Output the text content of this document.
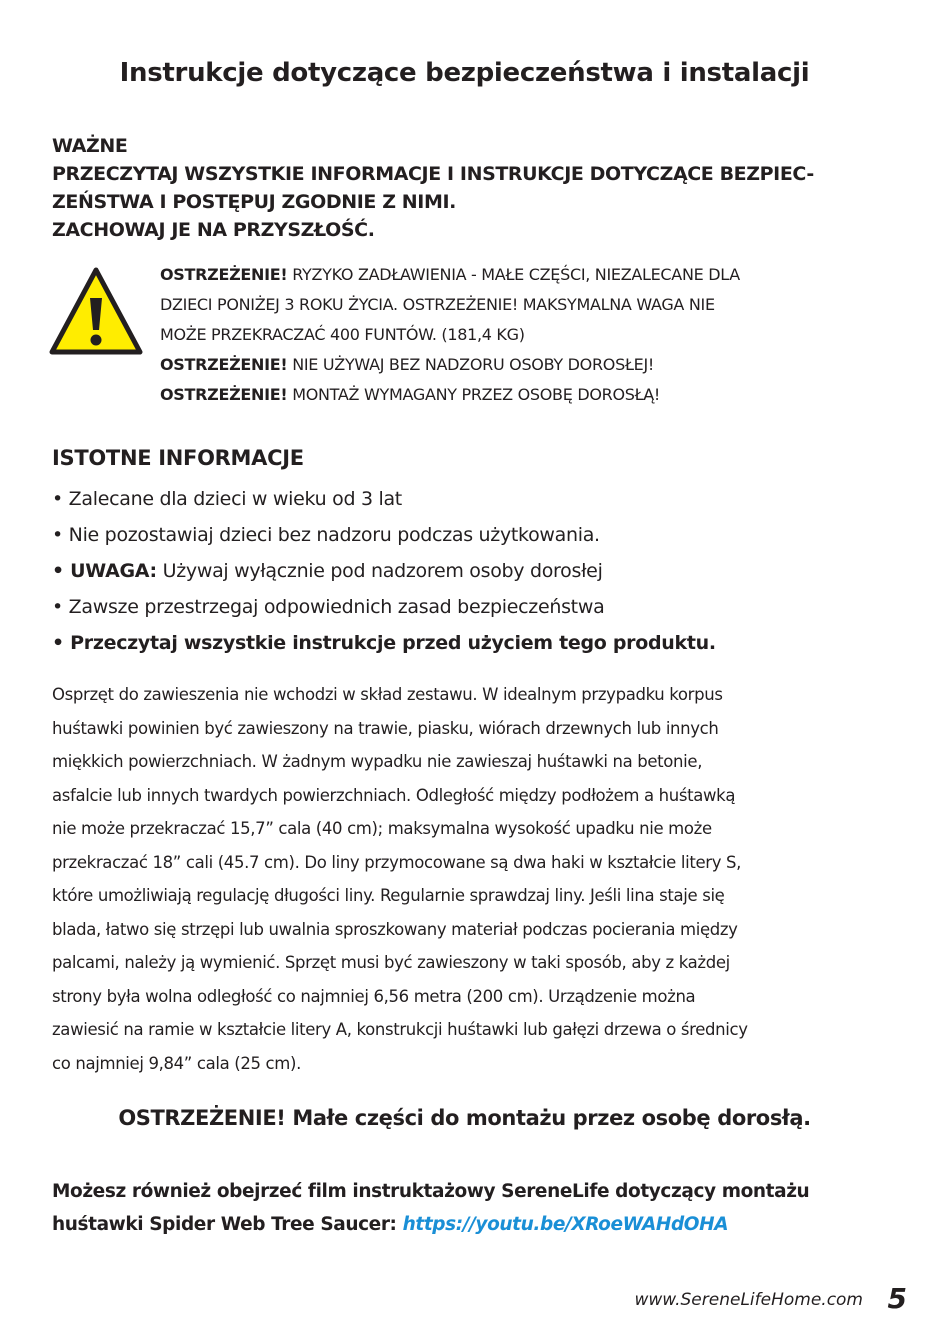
Instrukcje dotyczące bezpieczeństwa i instalacji
WAŻNE
PRZECZYTAJ WSZYSTKIE INFORMACJE I INSTRUKCJE DOTYCZĄCE BEZPIEC-
ZEŃSTWA I POSTĘPUJ ZGODNIE Z NIMI.
ZACHOWAJ JE NA PRZYSZŁOŚĆ.
OSTRZEŻENIE! RYZYKO ZADŁAWIENIA - MAŁE CZĘŚCI, NIEZALECANE DLA
DZIECI PONIŻEJ 3 ROKU ŻYCIA. OSTRZEŻENIE! MAKSYMALNA WAGA NIE
MOŻE PRZEKRACZAĆ 400 FUNTÓW. (181,4 KG)
OSTRZEŻENIE! NIE UŻYWAJ BEZ NADZORU OSOBY DOROSŁEJ!
OSTRZEŻENIE! MONTAŻ WYMAGANY PRZEZ OSOBĘ DOROSŁĄ!
ISTOTNE INFORMACJE
• Zalecane dla dzieci w wieku od 3 lat
• Nie pozostawiaj dzieci bez nadzoru podczas użytkowania.
• UWAGA: Używaj wyłącznie pod nadzorem osoby dorosłej
• Zawsze przestrzegaj odpowiednich zasad bezpieczeństwa
• Przeczytaj wszystkie instrukcje przed użyciem tego produktu.
Osprzęt do zawieszenia nie wchodzi w skład zestawu. W idealnym przypadku korpus
huśtawki powinien być zawieszony na trawie, piasku, wiórach drzewnych lub innych
miękkich powierzchniach. W żadnym wypadku nie zawieszaj huśtawki na betonie,
asfalcie lub innych twardych powierzchniach. Odległość między podłożem a huśtawką
nie może przekraczać 15,7” cala (40 cm); maksymalna wysokość upadku nie może
przekraczać 18” cali (45.7 cm). Do liny przymocowane są dwa haki w kształcie litery S,
które umożliwiają regulację długości liny. Regularnie sprawdzaj liny. Jeśli lina staje się
blada, łatwo się strzępi lub uwalnia sproszkowany materiał podczas pocierania między
palcami, należy ją wymienić. Sprzęt musi być zawieszony w taki sposób, aby z każdej
strony była wolna odległość co najmniej 6,56 metra (200 cm). Urządzenie można
zawiesić na ramie w kształcie litery A, konstrukcji huśtawki lub gałęzi drzewa o średnicy
co najmniej 9,84” cala (25 cm).
OSTRZEŻENIE! Małe części do montażu przez osobę dorosłą.
Możesz również obejrzeć film instruktażowy SereneLife dotyczący montażu
huśtawki Spider Web Tree Saucer: https://youtu.be/XRoeWAHdOHA
www.SereneLifeHome.com 5
